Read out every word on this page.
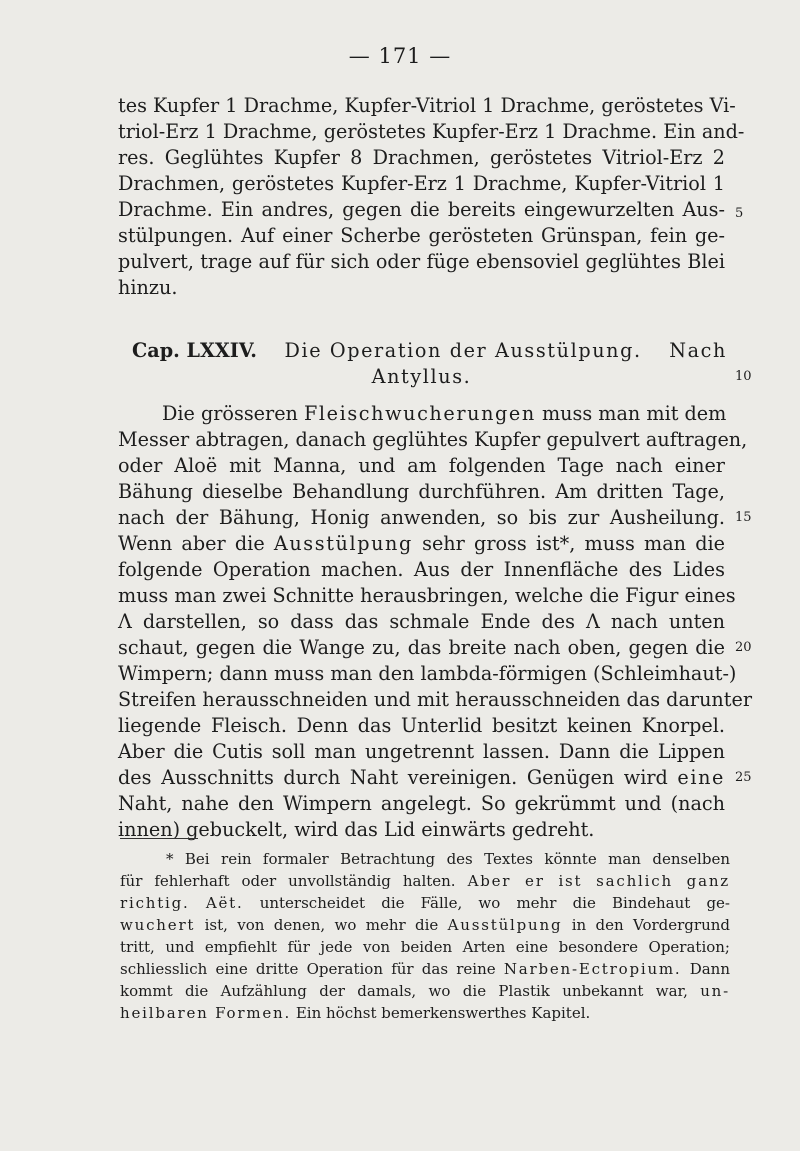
— 171 —
tes Kupfer 1 Drachme, Kupfer-Vitriol 1 Drachme, geröstetes Vi-
triol-Erz 1 Drachme, geröstetes Kupfer-Erz 1 Drachme. Ein and-
res. Geglühtes Kupfer 8 Drachmen, geröstetes Vitriol-Erz 2
Drachmen, geröstetes Kupfer-Erz 1 Drachme, Kupfer-Vitriol 1
Drachme. Ein andres, gegen die bereits eingewurzelten Aus-
stülpungen. Auf einer Scherbe gerösteten Grünspan, fein ge-
pulvert, trage auf für sich oder füge ebensoviel geglühtes Blei
hinzu.
Cap. LXXIV. Die Operation der Ausstülpung. Nach
Antyllus.
Die grösseren Fleischwucherungen muss man mit dem
Messer abtragen, danach geglühtes Kupfer gepulvert auftragen,
oder Aloë mit Manna, und am folgenden Tage nach einer
Bähung dieselbe Behandlung durchführen. Am dritten Tage,
nach der Bähung, Honig anwenden, so bis zur Ausheilung.
Wenn aber die Ausstülpung sehr gross ist*, muss man die
folgende Operation machen. Aus der Innenfläche des Lides
muss man zwei Schnitte herausbringen, welche die Figur eines
Λ darstellen, so dass das schmale Ende des Λ nach unten
schaut, gegen die Wange zu, das breite nach oben, gegen die
Wimpern; dann muss man den lambda-förmigen (Schleimhaut-)
Streifen herausschneiden und mit herausschneiden das darunter
liegende Fleisch. Denn das Unterlid besitzt keinen Knorpel.
Aber die Cutis soll man ungetrennt lassen. Dann die Lippen
des Ausschnitts durch Naht vereinigen. Genügen wird eine
Naht, nahe den Wimpern angelegt. So gekrümmt und (nach
innen) gebuckelt, wird das Lid einwärts gedreht.
5
10
15
20
25
* Bei rein formaler Betrachtung des Textes könnte man denselben
für fehlerhaft oder unvollständig halten. Aber er ist sachlich ganz
richtig. Aët. unterscheidet die Fälle, wo mehr die Bindehaut ge-
wuchert ist, von denen, wo mehr die Ausstülpung in den Vordergrund
tritt, und empfiehlt für jede von beiden Arten eine besondere Operation;
schliesslich eine dritte Operation für das reine Narben-Ectropium. Dann
kommt die Aufzählung der damals, wo die Plastik unbekannt war, un-
heilbaren Formen. Ein höchst bemerkenswerthes Kapitel.
